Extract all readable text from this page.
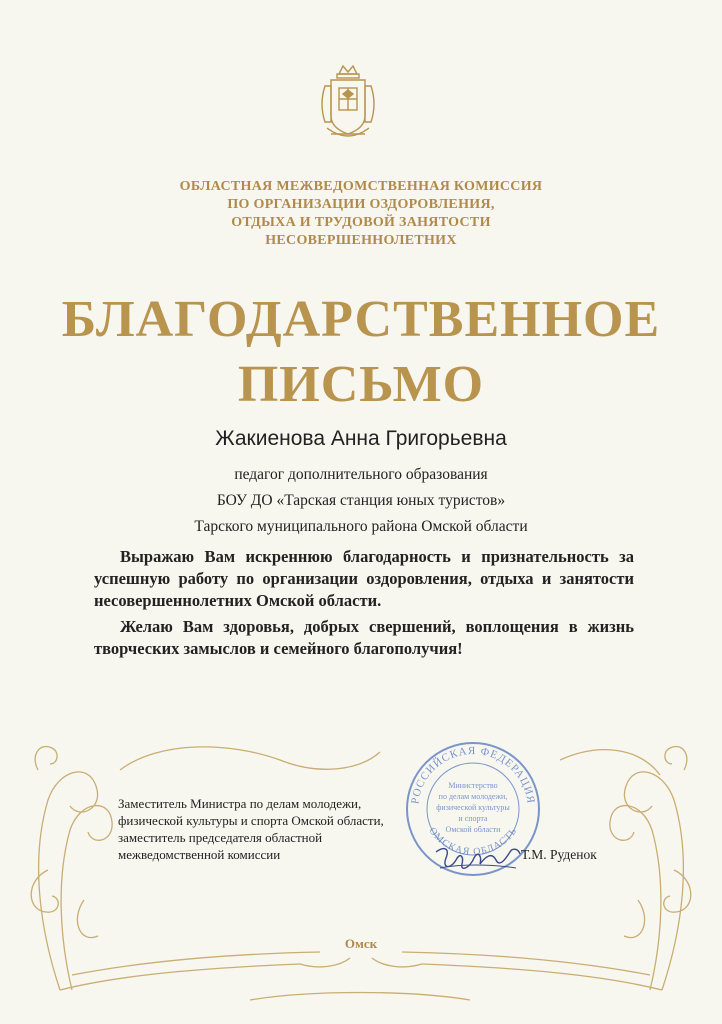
ОБЛАСТНАЯ МЕЖВЕДОМСТВЕННАЯ КОМИССИЯ
ПО ОРГАНИЗАЦИИ ОЗДОРОВЛЕНИЯ,
ОТДЫХА И ТРУДОВОЙ ЗАНЯТОСТИ
НЕСОВЕРШЕННОЛЕТНИХ
БЛАГОДАРСТВЕННОЕ
ПИСЬМО
Жакиенова Анна Григорьевна
педагог дополнительного образования
БОУ ДО «Тарская станция юных туристов»
Тарского муниципального района Омской области

Выражаю Вам искреннюю благодарность и признательность за успешную работу по организации оздоровления, отдыха и занятости несовершеннолетних Омской области.

Желаю Вам здоровья, добрых свершений, воплощения в жизнь творческих замыслов и семейного благополучия!

РОССИЙСКАЯ ФЕДЕРАЦИЯ
ОМСКАЯ ОБЛАСТЬ
Министерство
по делам молодежи,
физической культуры
и спорта
Омской области
Заместитель Министра по делам молодежи,
физической культуры и спорта Омской области,
заместитель председателя областной
межведомственной комиссии	Т.М. Руденок
Омск
